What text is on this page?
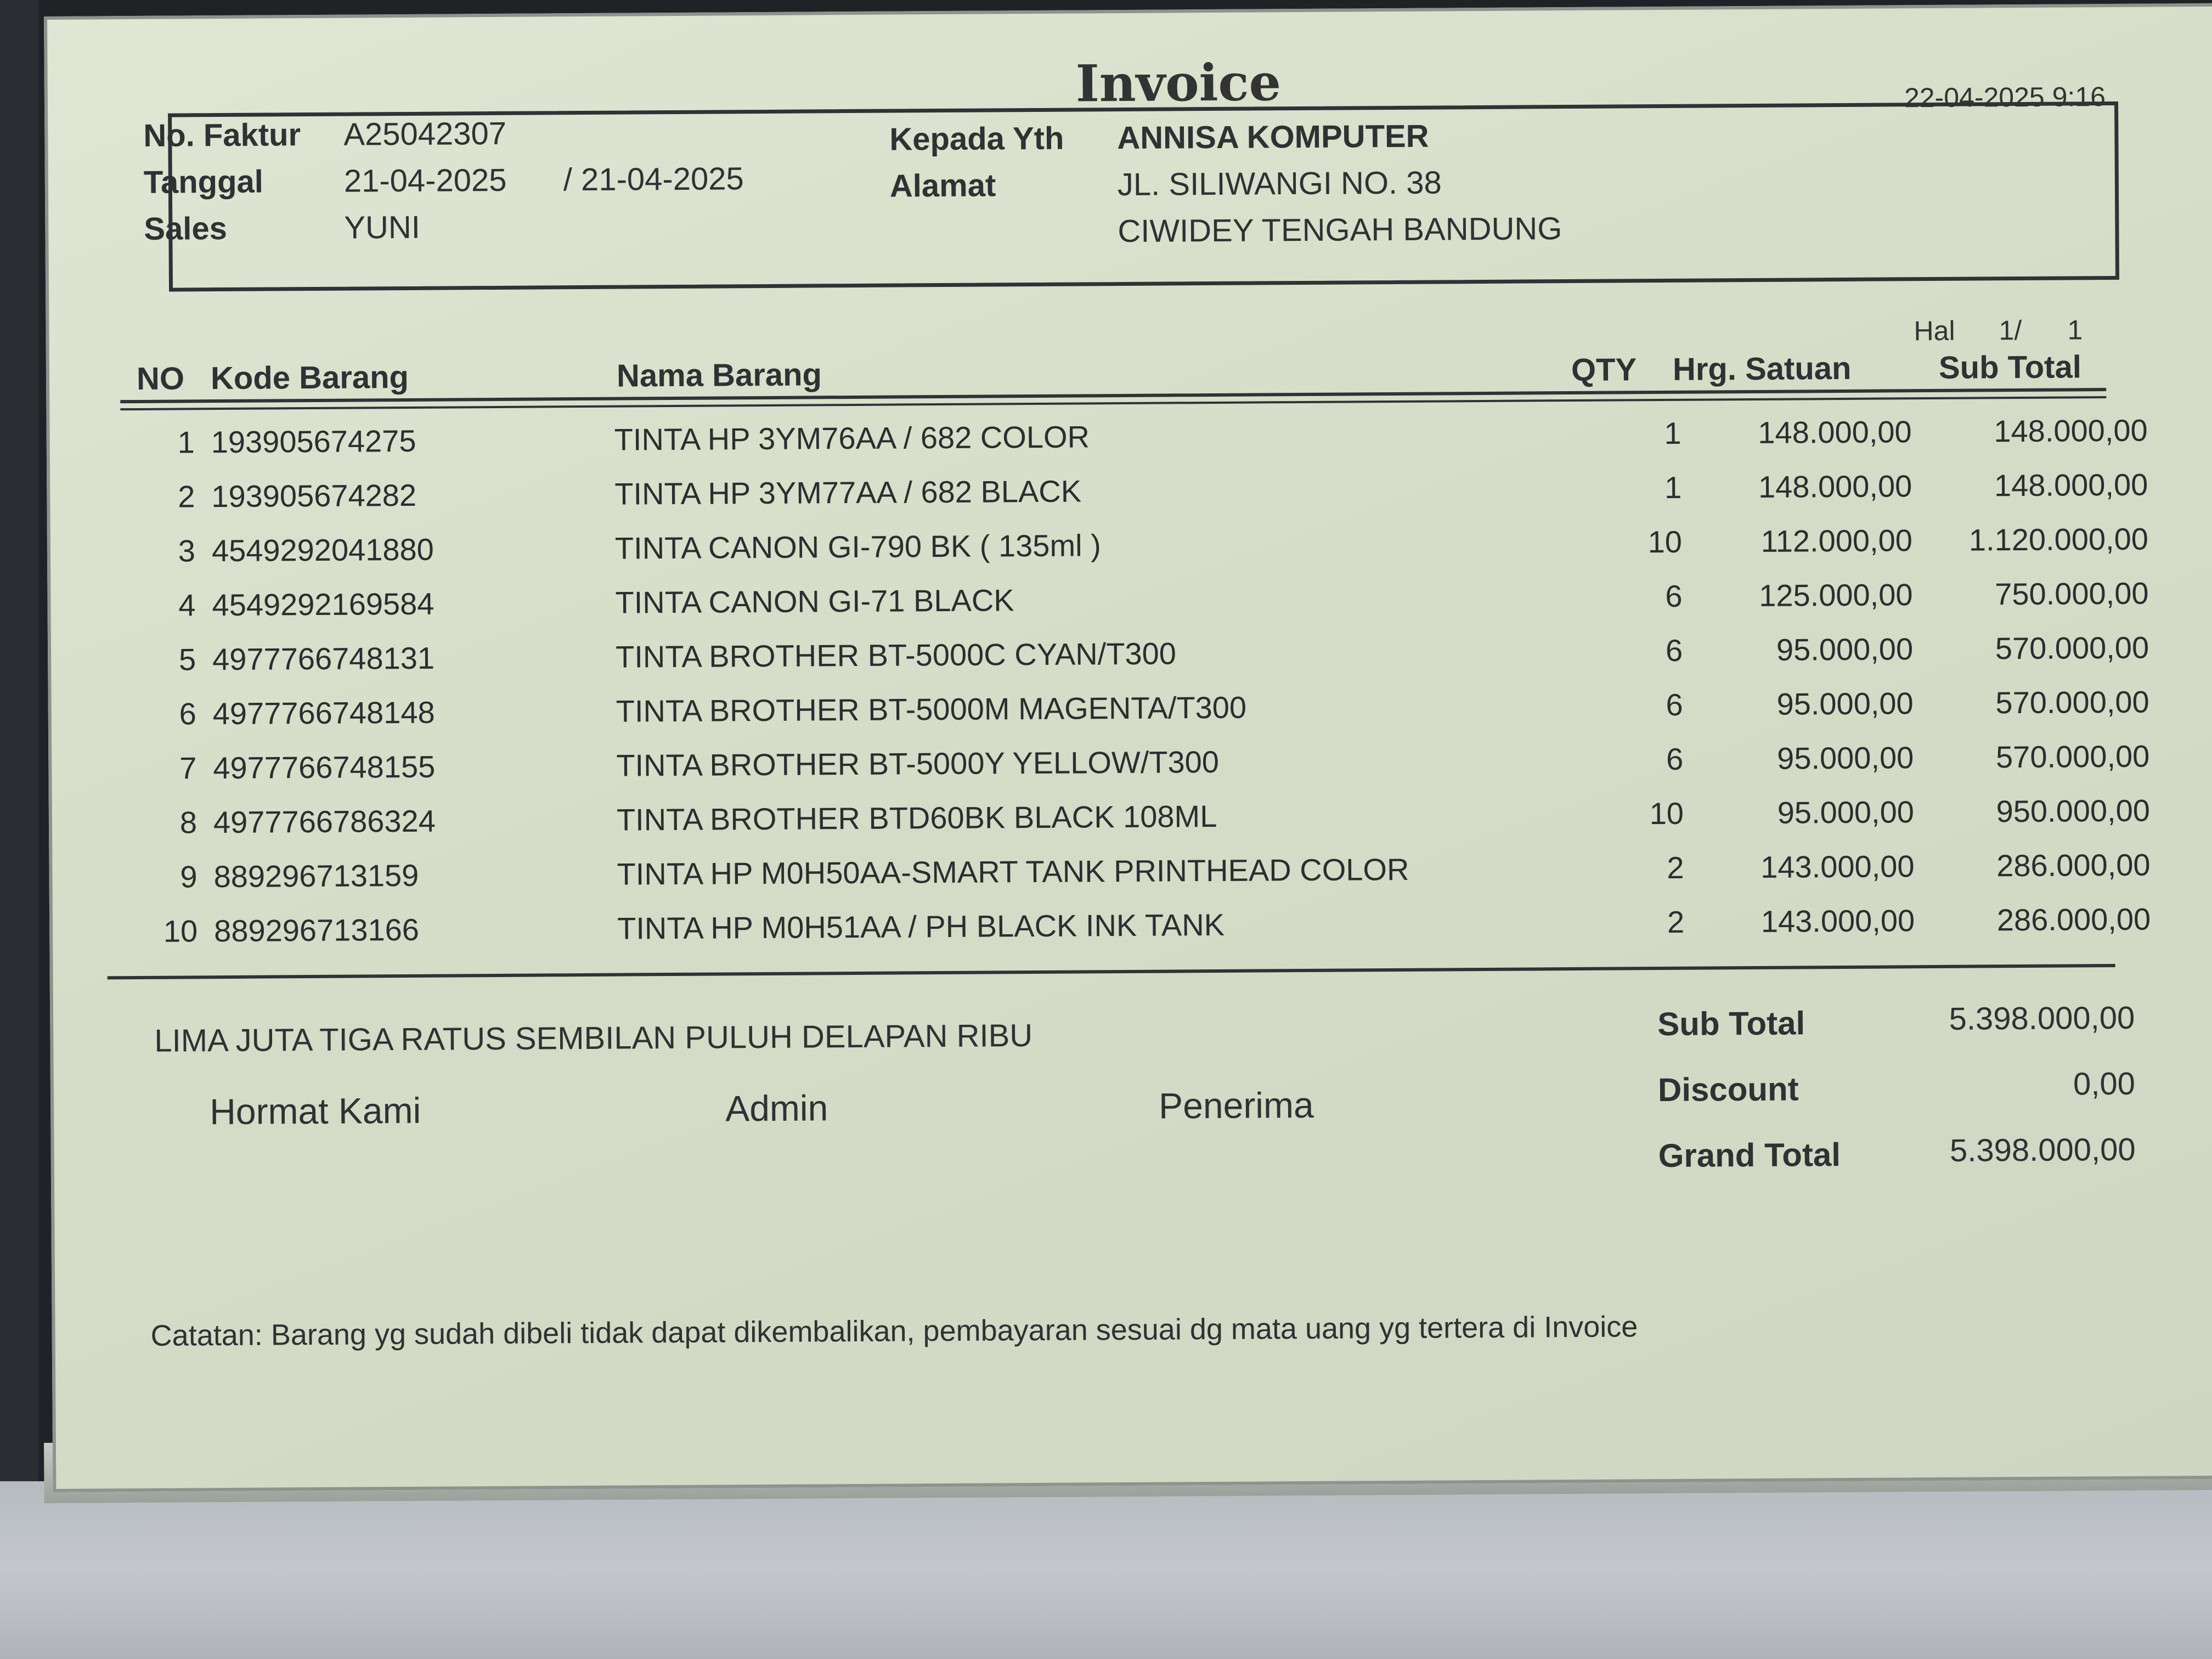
Invoice	22-04-2025 9:16
No. Faktur A25042307
Tanggal	21-04-2025 / 21-04-2025
Sales	YUNI
Kepada Yth ANNISA KOMPUTER
Alamat	JL. SILIWANGI NO. 38
CIWIDEY TENGAH BANDUNG
Hal 1/ 1
NO Kode Barang	Nama Barang	QTY Hrg. Satuan	Sub Total
1 193905674275	TINTA HP 3YM76AA / 682 COLOR	1	148.000,00	148.000,00
2 193905674282	TINTA HP 3YM77AA / 682 BLACK	1	148.000,00	148.000,00
3 4549292041880	TINTA CANON GI-790 BK ( 135ml )	10	112.000,00	1.120.000,00
4 4549292169584	TINTA CANON GI-71 BLACK	6	125.000,00	750.000,00
5 4977766748131	TINTA BROTHER BT-5000C CYAN/T300	6	95.000,00	570.000,00
6 4977766748148	TINTA BROTHER BT-5000M MAGENTA/T300	6	95.000,00	570.000,00
7 4977766748155	TINTA BROTHER BT-5000Y YELLOW/T300	6	95.000,00	570.000,00
8 4977766786324	TINTA BROTHER BTD60BK BLACK 108ML	10	95.000,00	950.000,00
9 889296713159	TINTA HP M0H50AA-SMART TANK PRINTHEAD COLOR	2	143.000,00	286.000,00
10 889296713166	TINTA HP M0H51AA / PH BLACK INK TANK	2	143.000,00	286.000,00
LIMA JUTA TIGA RATUS SEMBILAN PULUH DELAPAN RIBU
Hormat Kami	Admin	Penerima
Sub Total	5.398.000,00
Discount	0,00
Grand Total	5.398.000,00
Catatan: Barang yg sudah dibeli tidak dapat dikembalikan, pembayaran sesuai dg mata uang yg tertera di Invoice
